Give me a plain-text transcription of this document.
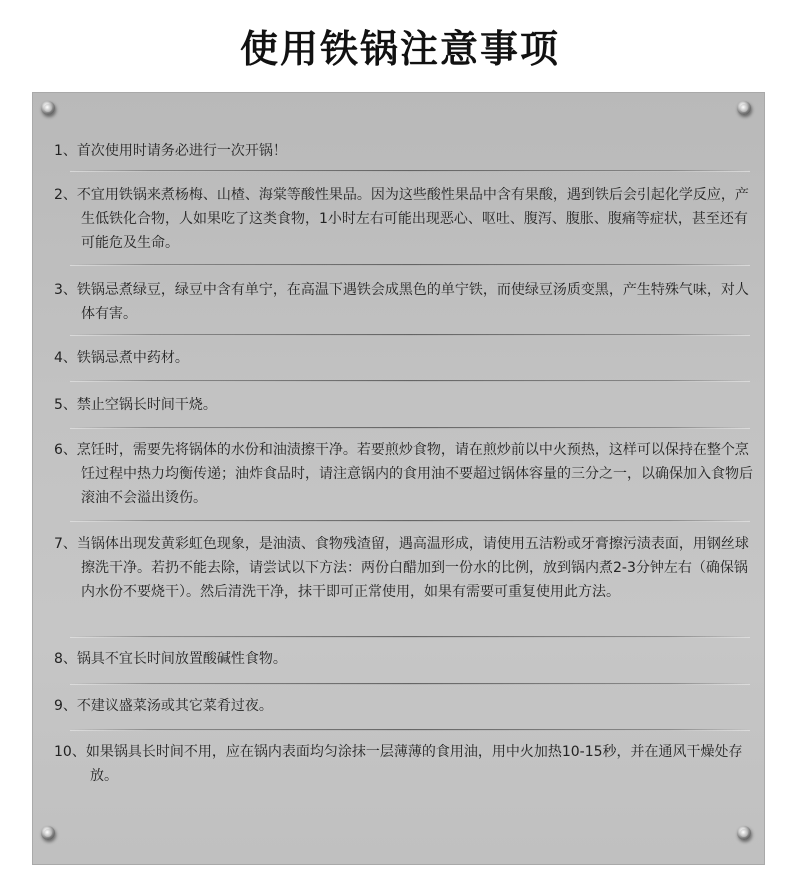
使用铁锅注意事项
1、首次使用时请务必进行一次开锅！
2、不宜用铁锅来煮杨梅、山楂、海棠等酸性果品。因为这些酸性果品中含有果酸，遇到铁后会引起化学反应，产生低铁化合物，人如果吃了这类食物，1小时左右可能出现恶心、呕吐、腹泻、腹胀、腹痛等症状，甚至还有可能危及生命。
3、铁锅忌煮绿豆，绿豆中含有单宁，在高温下遇铁会成黑色的单宁铁，而使绿豆汤质变黑，产生特殊气味，对人体有害。
4、铁锅忌煮中药材。
5、禁止空锅长时间干烧。
6、烹饪时，需要先将锅体的水份和油渍擦干净。若要煎炒食物，请在煎炒前以中火预热，这样可以保持在整个烹饪过程中热力均衡传递；油炸食品时，请注意锅内的食用油不要超过锅体容量的三分之一，以确保加入食物后滚油不会溢出烫伤。
7、当锅体出现发黄彩虹色现象，是油渍、食物残渣留，遇高温形成，请使用五洁粉或牙膏擦污渍表面，用钢丝球擦洗干净。若扔不能去除，请尝试以下方法：两份白醋加到一份水的比例，放到锅内煮2-3分钟左右（确保锅内水份不要烧干）。然后清洗干净，抹干即可正常使用，如果有需要可重复使用此方法。
8、锅具不宜长时间放置酸碱性食物。
9、不建议盛菜汤或其它菜肴过夜。
10、如果锅具长时间不用，应在锅内表面均匀涂抹一层薄薄的食用油，用中火加热10-15秒，并在通风干燥处存放。
